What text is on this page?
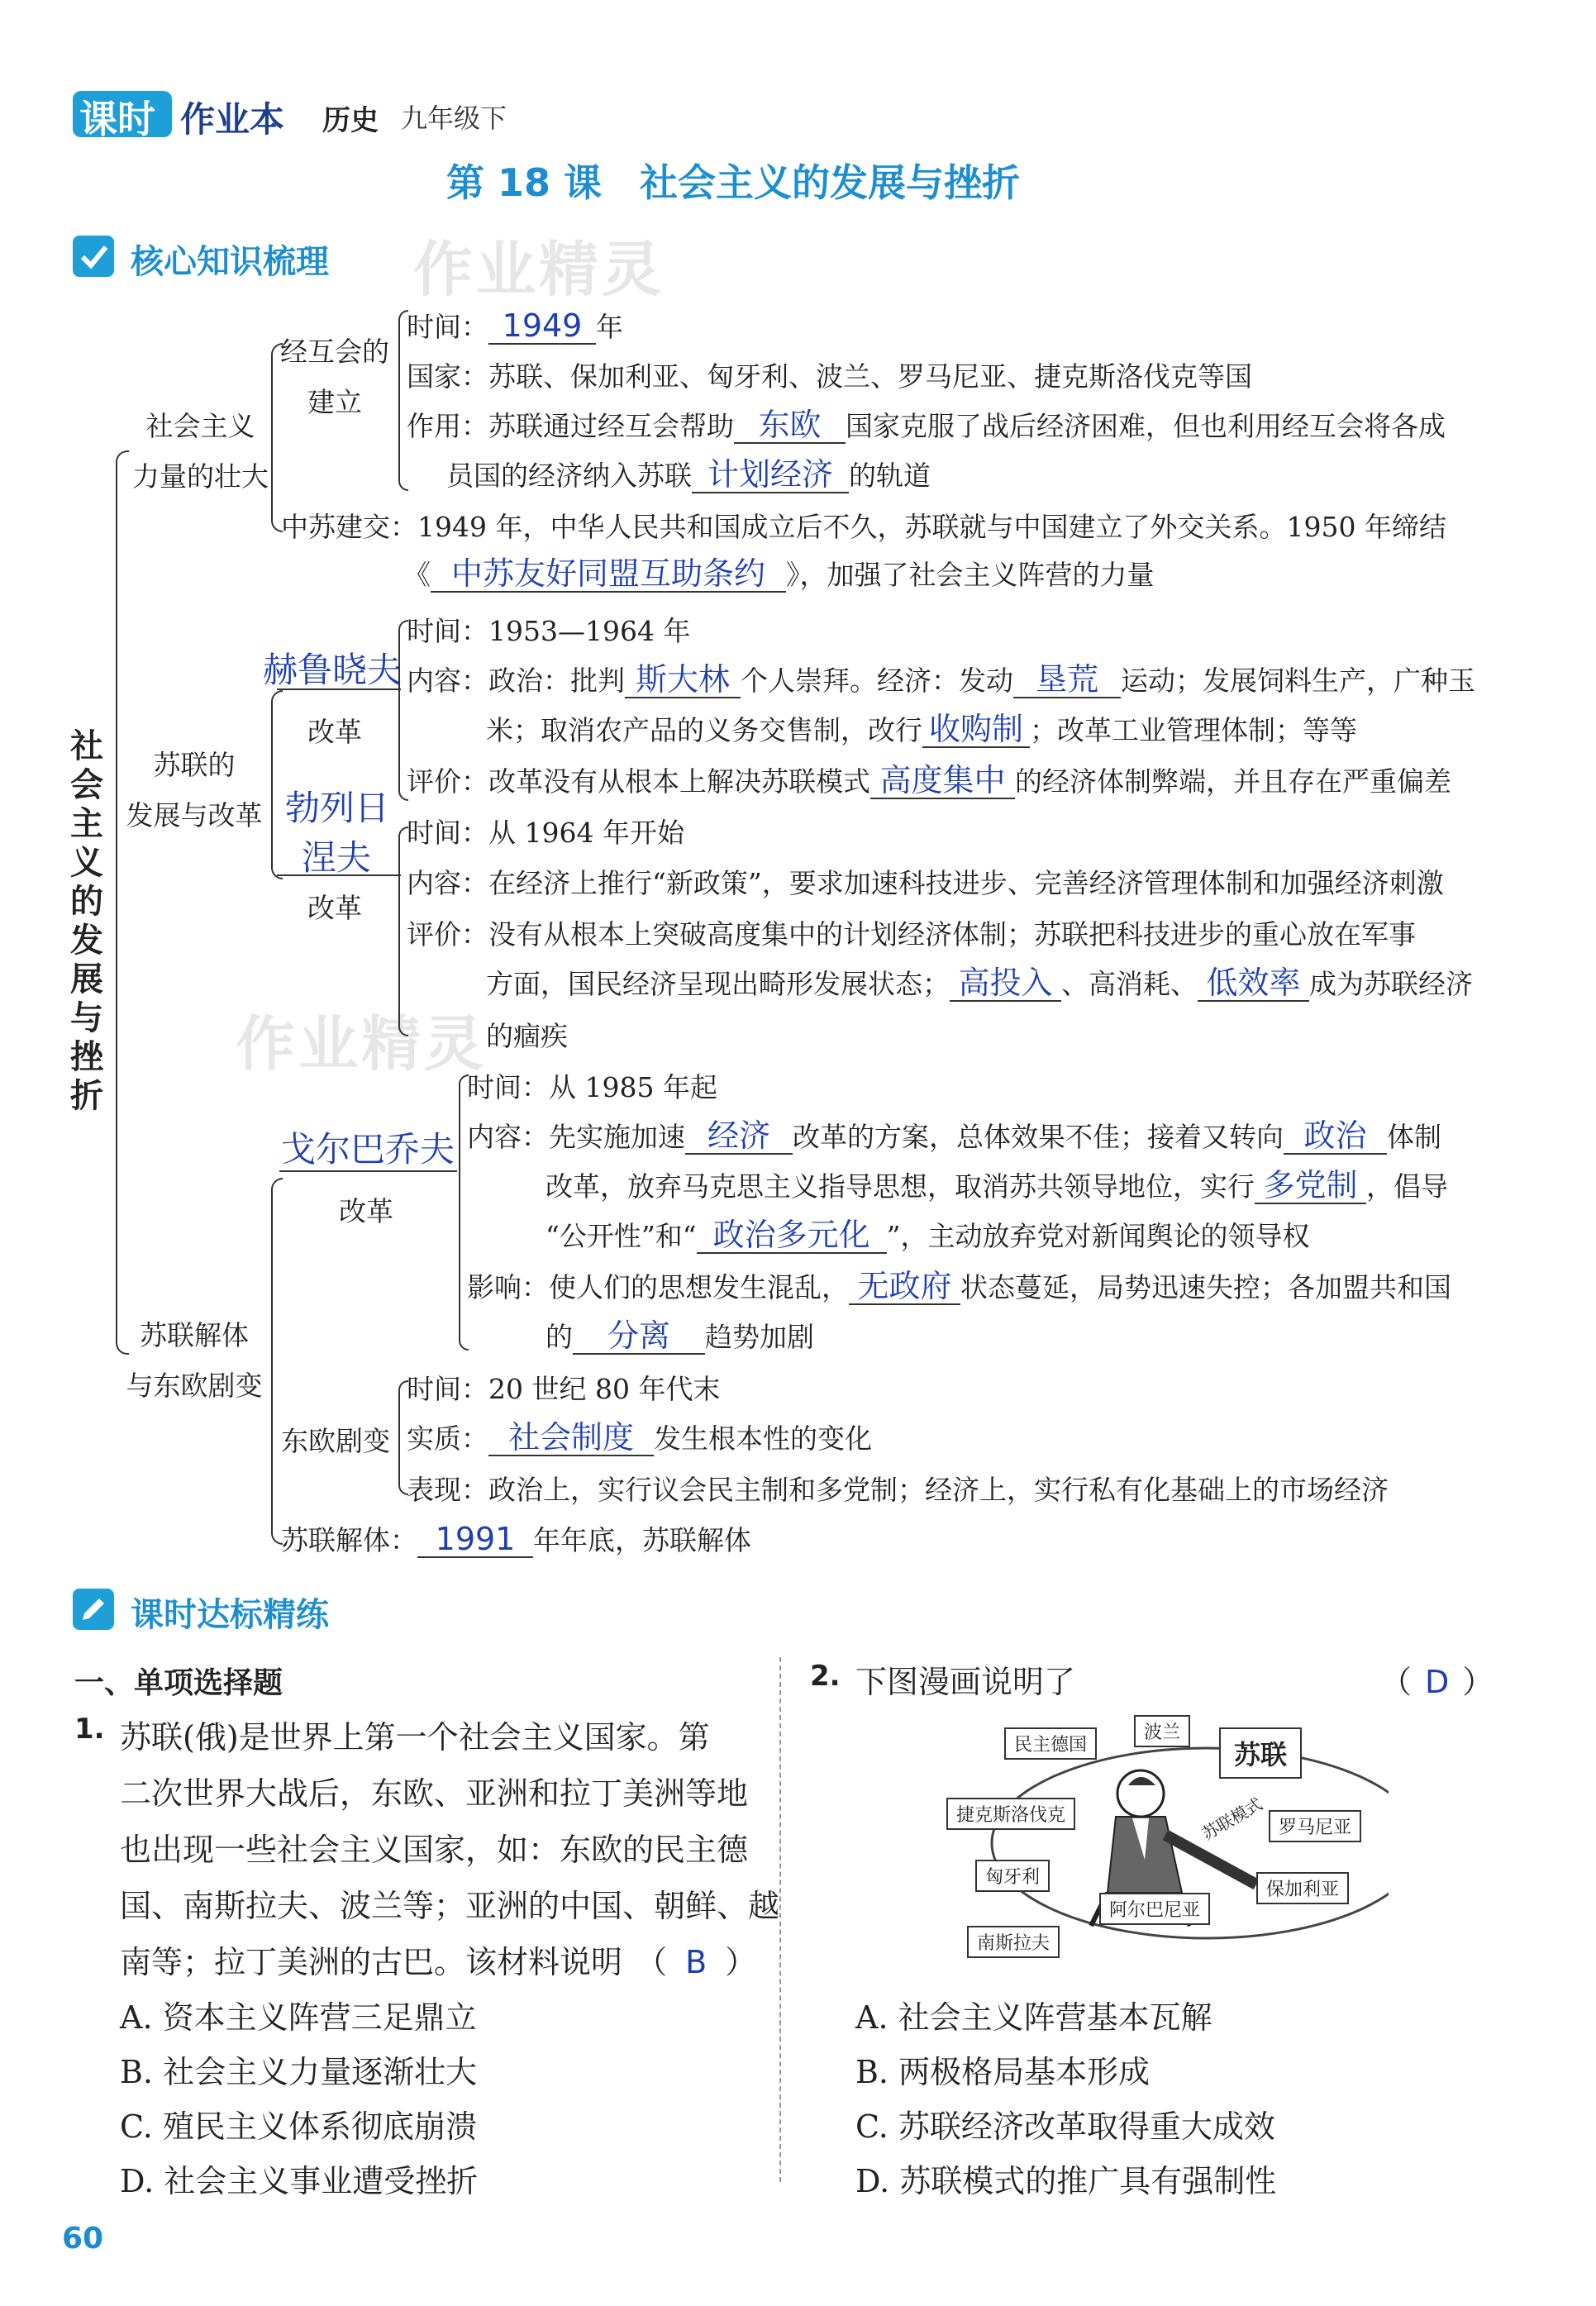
课时 作业本 历史 九年级下
第 18 课　社会主义的发展与挫折
核心知识梳理 作业精灵
作业精灵
社会主义的发展与挫折
社会主义
力量的壮大
经互会的
建立
时间： 1949 年
国家：苏联、保加利亚、匈牙利、波兰、罗马尼亚、捷克斯洛伐克等国
作用：苏联通过经互会帮助 东欧 国家克服了战后经济困难，但也利用经互会将各成
员国的经济纳入苏联 计划经济 的轨道
中苏建交：1949 年，中华人民共和国成立后不久，苏联就与中国建立了外交关系。1950 年缔结
《 中苏友好同盟互助条约 》，加强了社会主义阵营的力量
苏联的
发展与改革
赫鲁晓夫
改革
时间：1953—1964 年
内容：政治：批判 斯大林 个人崇拜。经济：发动 垦荒 运动；发展饲料生产，广种玉
米；取消农产品的义务交售制，改行 收购制 ；改革工业管理体制；等等
评价：改革没有从根本上解决苏联模式 高度集中 的经济体制弊端，并且存在严重偏差
勃列日
涅夫
改革
时间：从 1964 年开始
内容：在经济上推行“新政策”，要求加速科技进步、完善经济管理体制和加强经济刺激
评价：没有从根本上突破高度集中的计划经济体制；苏联把科技进步的重心放在军事
方面，国民经济呈现出畸形发展状态； 高投入 、高消耗、 低效率 成为苏联经济
的痼疾
苏联解体
与东欧剧变
戈尔巴乔夫
改革
时间：从 1985 年起
内容：先实施加速 经济 改革的方案，总体效果不佳；接着又转向 政治 体制
改革，放弃马克思主义指导思想，取消苏共领导地位，实行 多党制 ，倡导
“公开性”和“ 政治多元化 ”，主动放弃党对新闻舆论的领导权
影响：使人们的思想发生混乱， 无政府 状态蔓延，局势迅速失控；各加盟共和国
的 分离 趋势加剧
东欧剧变
时间：20 世纪 80 年代末
实质： 社会制度 发生根本性的变化
表现：政治上，实行议会民主制和多党制；经济上，实行私有化基础上的市场经济
苏联解体： 1991 年年底，苏联解体
课时达标精练
一、单项选择题
1. 苏联(俄)是世界上第一个社会主义国家。第
二次世界大战后，东欧、亚洲和拉丁美洲等地
也出现一些社会主义国家，如：东欧的民主德
国、南斯拉夫、波兰等；亚洲的中国、朝鲜、越
南等；拉丁美洲的古巴。该材料说明 （ B ）
A. 资本主义阵营三足鼎立
B. 社会主义力量逐渐壮大
C. 殖民主义体系彻底崩溃
D. 社会主义事业遭受挫折
2. 下图漫画说明了	（ D ）
苏联
苏联模式
民主德国
波兰
捷克斯洛伐克
罗马尼亚
匈牙利
阿尔巴尼亚
保加利亚
南斯拉夫
A. 社会主义阵营基本瓦解
B. 两极格局基本形成
C. 苏联经济改革取得重大成效
D. 苏联模式的推广具有强制性
60
